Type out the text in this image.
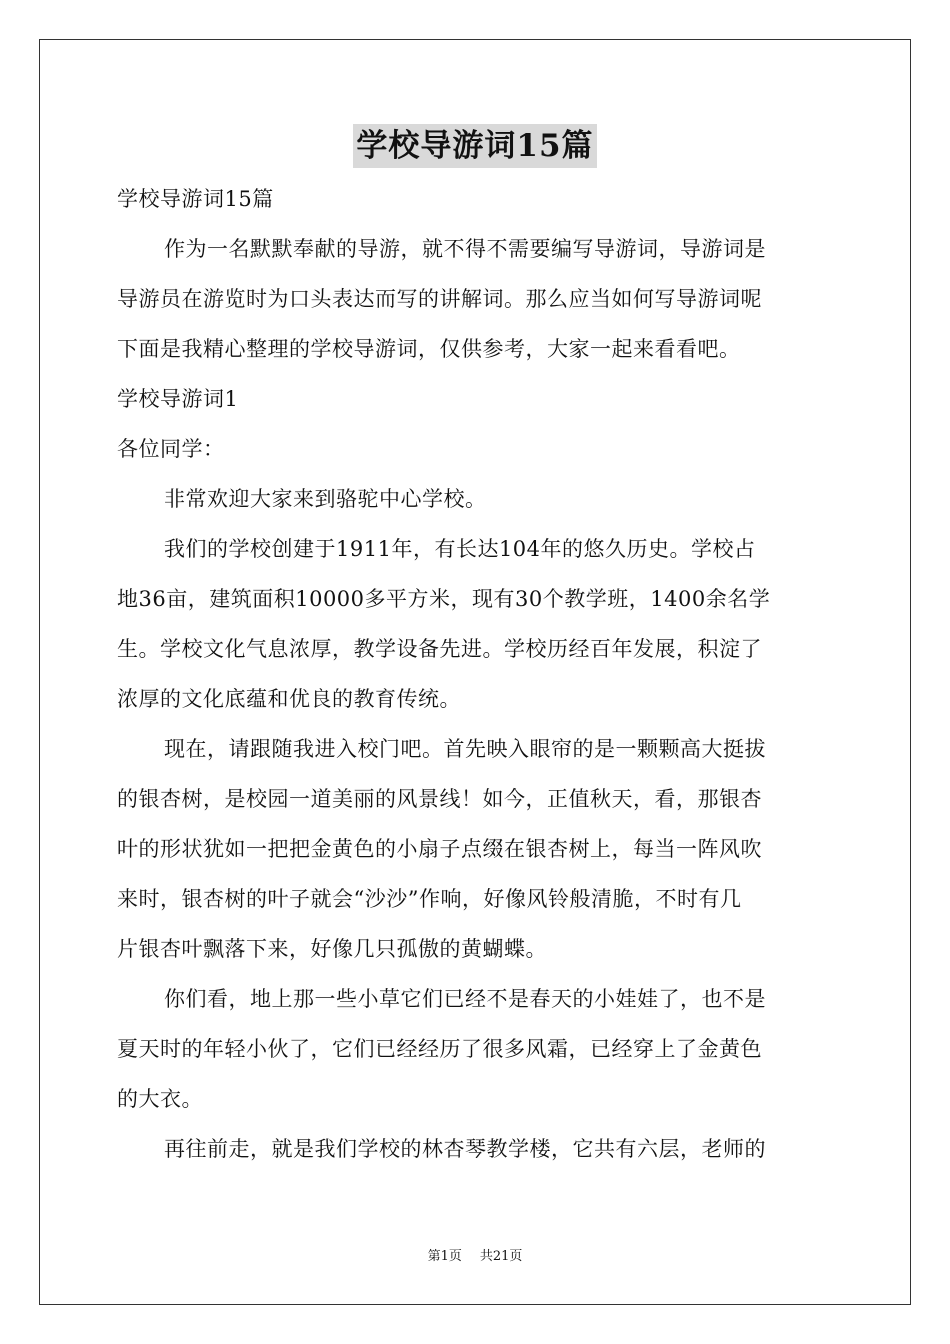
学校导游词15篇
学校导游词15篇
作为一名默默奉献的导游，就不得不需要编写导游词，导游词是
导游员在游览时为口头表达而写的讲解词。那么应当如何写导游词呢
下面是我精心整理的学校导游词，仅供参考，大家一起来看看吧。
学校导游词1
各位同学：
非常欢迎大家来到骆驼中心学校。
我们的学校创建于1911年，有长达104年的悠久历史。学校占
地36亩，建筑面积10000多平方米，现有30个教学班，1400余名学
生。学校文化气息浓厚，教学设备先进。学校历经百年发展，积淀了
浓厚的文化底蕴和优良的教育传统。
现在，请跟随我进入校门吧。首先映入眼帘的是一颗颗高大挺拔
的银杏树，是校园一道美丽的风景线！如今，正值秋天，看，那银杏
叶的形状犹如一把把金黄色的小扇子点缀在银杏树上，每当一阵风吹
来时，银杏树的叶子就会“沙沙”作响，好像风铃般清脆，不时有几
片银杏叶飘落下来，好像几只孤傲的黄蝴蝶。
你们看，地上那一些小草它们已经不是春天的小娃娃了，也不是
夏天时的年轻小伙了，它们已经经历了很多风霜，已经穿上了金黄色
的大衣。
再往前走，就是我们学校的林杏琴教学楼，它共有六层，老师的
第1页 共21页
